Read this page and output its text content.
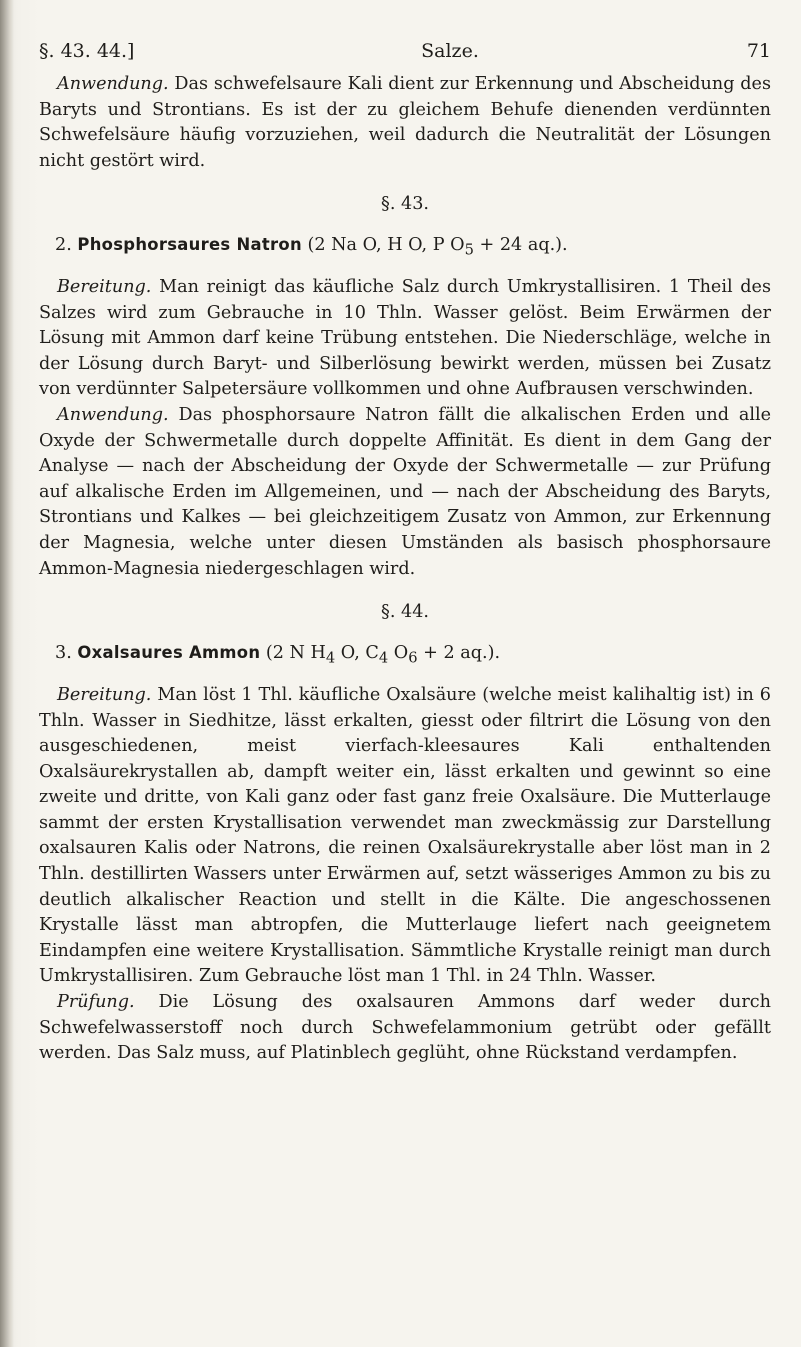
§. 43. 44.]	Salze.	71

Anwendung. Das schwefelsaure Kali dient zur Erkennung und Abscheidung des Baryts und Strontians. Es ist der zu gleichem Behufe dienenden verdünnten Schwefelsäure häufig vorzuziehen, weil dadurch die Neutralität der Lösungen nicht gestört wird.

§. 43.
2. Phosphorsaures Natron (2 Na O, H O, P $O_5 + 24$ aq.).

Bereitung. Man reinigt das käufliche Salz durch Umkrystallisiren. 1 Theil des Salzes wird zum Gebrauche in 10 Thln. Wasser gelöst. Beim Erwärmen der Lösung mit Ammon darf keine Trübung entstehen. Die Niederschläge, welche in der Lösung durch Baryt- und Silberlösung bewirkt werden, müssen bei Zusatz von verdünnter Salpetersäure vollkommen und ohne Aufbrausen verschwinden.

Anwendung. Das phosphorsaure Natron fällt die alkalischen Erden und alle Oxyde der Schwermetalle durch doppelte Affinität. Es dient in dem Gang der Analyse — nach der Abscheidung der Oxyde der Schwermetalle — zur Prüfung auf alkalische Erden im Allgemeinen, und — nach der Abscheidung des Baryts, Strontians und Kalkes — bei gleichzeitigem Zusatz von Ammon, zur Erkennung der Magnesia, welche unter diesen Umständen als basisch phosphorsaure Ammon-Magnesia niedergeschlagen wird.

§. 44.
3. Oxalsaures Ammon (2 N $H_4$ O, $C_4$ $O_6 + 2$ aq.).

Bereitung. Man löst 1 Thl. käufliche Oxalsäure (welche meist kalihaltig ist) in 6 Thln. Wasser in Siedhitze, lässt erkalten, giesst oder filtrirt die Lösung von den ausgeschiedenen, meist vierfach-kleesaures Kali enthaltenden Oxalsäurekrystallen ab, dampft weiter ein, lässt erkalten und gewinnt so eine zweite und dritte, von Kali ganz oder fast ganz freie Oxalsäure. Die Mutterlauge sammt der ersten Krystallisation verwendet man zweckmässig zur Darstellung oxalsauren Kalis oder Natrons, die reinen Oxalsäurekrystalle aber löst man in 2 Thln. destillirten Wassers unter Erwärmen auf, setzt wässeriges Ammon zu bis zu deutlich alkalischer Reaction und stellt in die Kälte. Die angeschossenen Krystalle lässt man abtropfen, die Mutterlauge liefert nach geeignetem Eindampfen eine weitere Krystallisation. Sämmtliche Krystalle reinigt man durch Umkrystallisiren. Zum Gebrauche löst man 1 Thl. in 24 Thln. Wasser.

Prüfung. Die Lösung des oxalsauren Ammons darf weder durch Schwefelwasserstoff noch durch Schwefelammonium getrübt oder gefällt werden. Das Salz muss, auf Platinblech geglüht, ohne Rückstand verdampfen.
